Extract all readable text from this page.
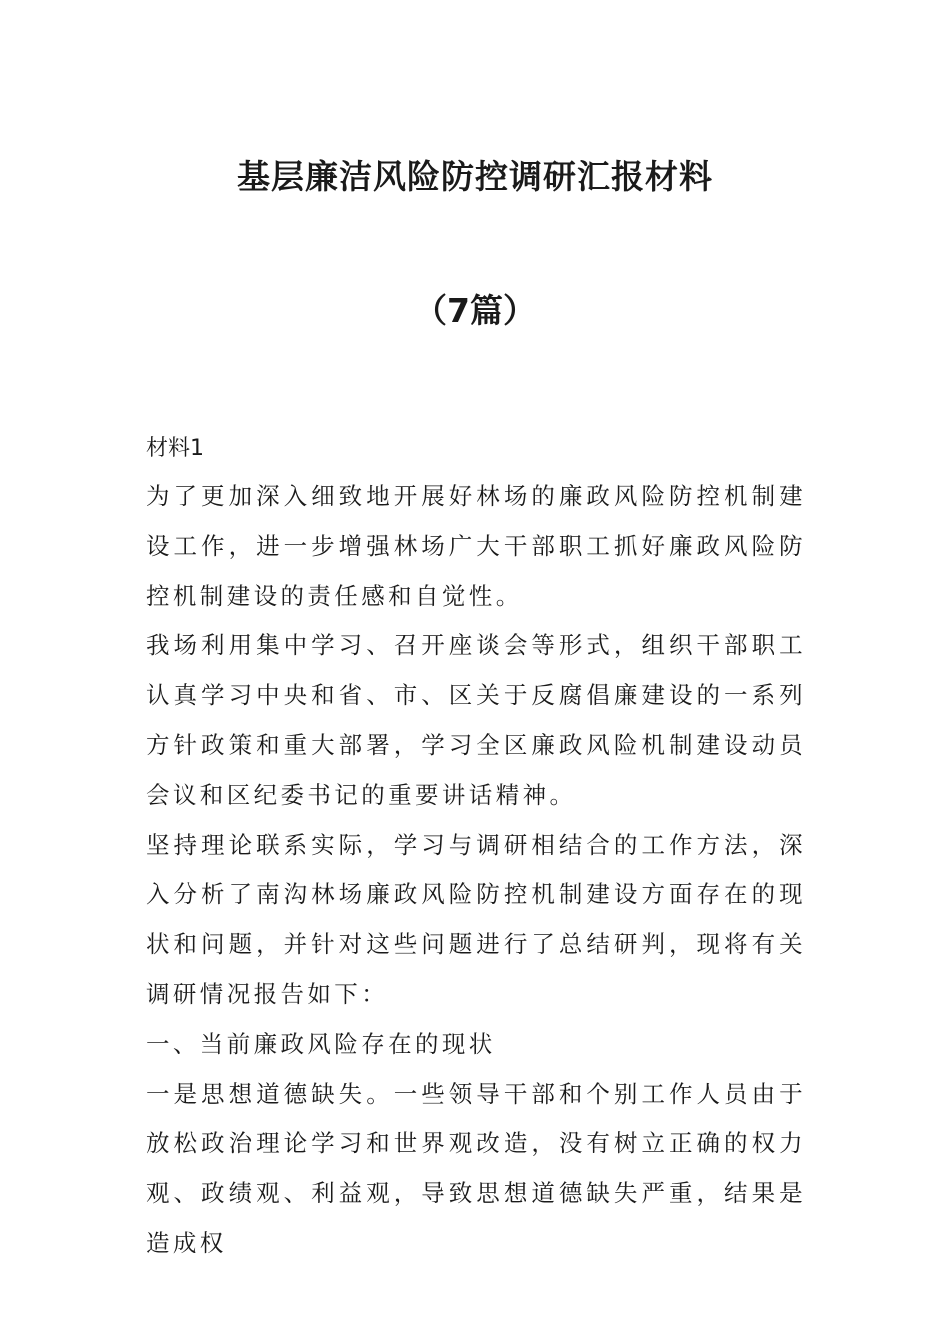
基层廉洁风险防控调研汇报材料
（7篇）
材料1

为了更加深入细致地开展好林场的廉政风险防控机制建设工作，进一步增强林场广大干部职工抓好廉政风险防控机制建设的责任感和自觉性。

我场利用集中学习、召开座谈会等形式，组织干部职工认真学习中央和省、市、区关于反腐倡廉建设的一系列方针政策和重大部署，学习全区廉政风险机制建设动员会议和区纪委书记的重要讲话精神。

坚持理论联系实际，学习与调研相结合的工作方法，深入分析了南沟林场廉政风险防控机制建设方面存在的现状和问题，并针对这些问题进行了总结研判，现将有关调研情况报告如下：

一、当前廉政风险存在的现状

一是思想道德缺失。一些领导干部和个别工作人员由于放松政治理论学习和世界观改造，没有树立正确的权力观、政绩观、利益观，导致思想道德缺失严重，结果是造成权
